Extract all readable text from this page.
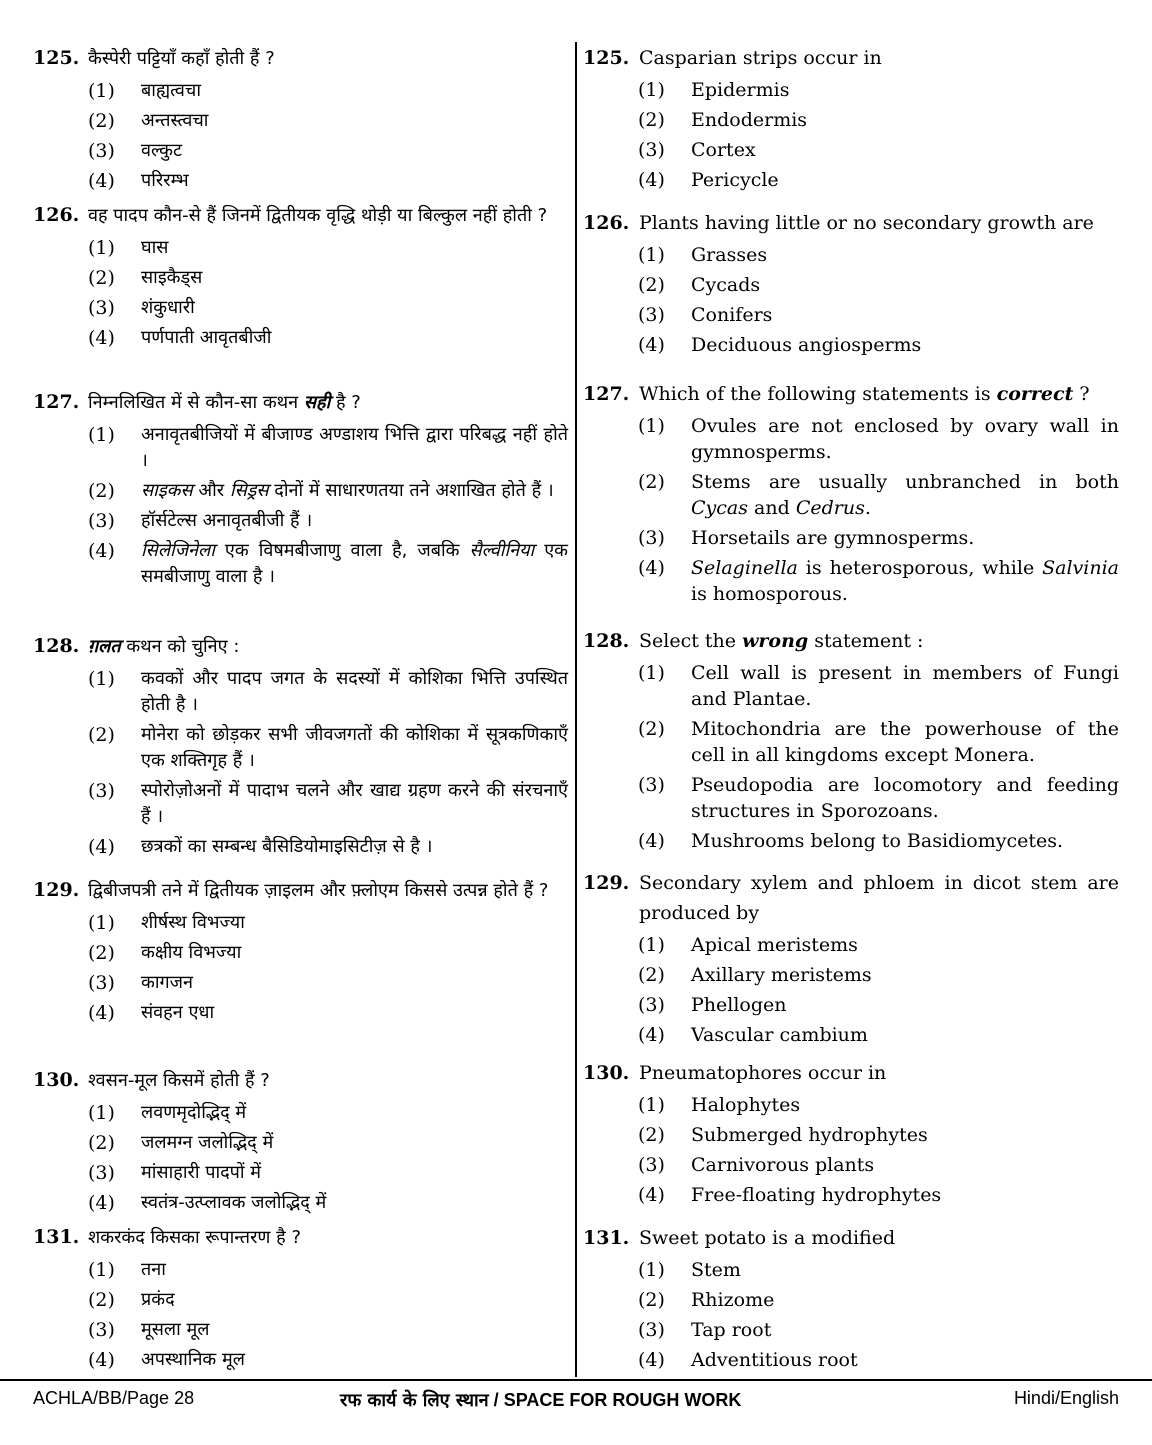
125. कैस्पेरी पट्टियाँ कहाँ होती हैं ?
(1)	बाह्यत्वचा
(2)	अन्तस्त्वचा
(3)	वल्कुट
(4)	परिरम्भ
126. वह पादप कौन-से हैं जिनमें द्वितीयक वृद्धि थोड़ी या बिल्कुल नहीं होती ?
(1)	घास
(2)	साइकैड्स
(3)	शंकुधारी
(4)	पर्णपाती आवृतबीजी
127. निम्नलिखित में से कौन-सा कथन सही है ?
(1)	अनावृतबीजियों में बीजाण्ड अण्डाशय भित्ति द्वारा परिबद्ध नहीं होते ।
(2)	साइकस और सिड्रस दोनों में साधारणतया तने अशाखित होते हैं ।
(3)	हॉर्सटेल्स अनावृतबीजी हैं ।
(4)	सिलेजिनेला एक विषमबीजाणु वाला है, जबकि सैल्वीनिया एक समबीजाणु वाला है ।
128. ग़लत कथन को चुनिए :
(1)	कवकों और पादप जगत के सदस्यों में कोशिका भित्ति उपस्थित होती है ।
(2)	मोनेरा को छोड़कर सभी जीवजगतों की कोशिका में सूत्रकणिकाएँ एक शक्तिगृह हैं ।
(3)	स्पोरोज़ोअनों में पादाभ चलने और खाद्य ग्रहण करने की संरचनाएँ हैं ।
(4)	छत्रकों का सम्बन्ध बैसिडियोमाइसिटीज़ से है ।
129. द्विबीजपत्री तने में द्वितीयक ज़ाइलम और फ़्लोएम किससे उत्पन्न होते हैं ?
(1)	शीर्षस्थ विभज्या
(2)	कक्षीय विभज्या
(3)	कागजन
(4)	संवहन एधा
130. श्वसन-मूल किसमें होती हैं ?
(1)	लवणमृदोद्भिद् में
(2)	जलमग्न जलोद्भिद् में
(3)	मांसाहारी पादपों में
(4)	स्वतंत्र-उत्प्लावक जलोद्भिद् में
131. शकरकंद किसका रूपान्तरण है ?
(1)	तना
(2)	प्रकंद
(3)	मूसला मूल
(4)	अपस्थानिक मूल
125. Casparian strips occur in
(1)	Epidermis
(2)	Endodermis
(3)	Cortex
(4)	Pericycle
126. Plants having little or no secondary growth are
(1)	Grasses
(2)	Cycads
(3)	Conifers
(4)	Deciduous angiosperms
127. Which of the following statements is correct ?
(1)	Ovules are not enclosed by ovary wall in gymnosperms.
(2)	Stems are usually unbranched in both Cycas and Cedrus.
(3)	Horsetails are gymnosperms.
(4)	Selaginella is heterosporous, while Salvinia is homosporous.
128. Select the wrong statement :
(1)	Cell wall is present in members of Fungi and Plantae.
(2)	Mitochondria are the powerhouse of the cell in all kingdoms except Monera.
(3)	Pseudopodia are locomotory and feeding structures in Sporozoans.
(4)	Mushrooms belong to Basidiomycetes.
129. Secondary xylem and phloem in dicot stem are produced by
(1)	Apical meristems
(2)	Axillary meristems
(3)	Phellogen
(4)	Vascular cambium
130. Pneumatophores occur in
(1)	Halophytes
(2)	Submerged hydrophytes
(3)	Carnivorous plants
(4)	Free-floating hydrophytes
131. Sweet potato is a modified
(1)	Stem
(2)	Rhizome
(3)	Tap root
(4)	Adventitious root
ACHLA/BB/Page 28	रफ कार्य के लिए स्थान / SPACE FOR ROUGH WORK	Hindi/English
